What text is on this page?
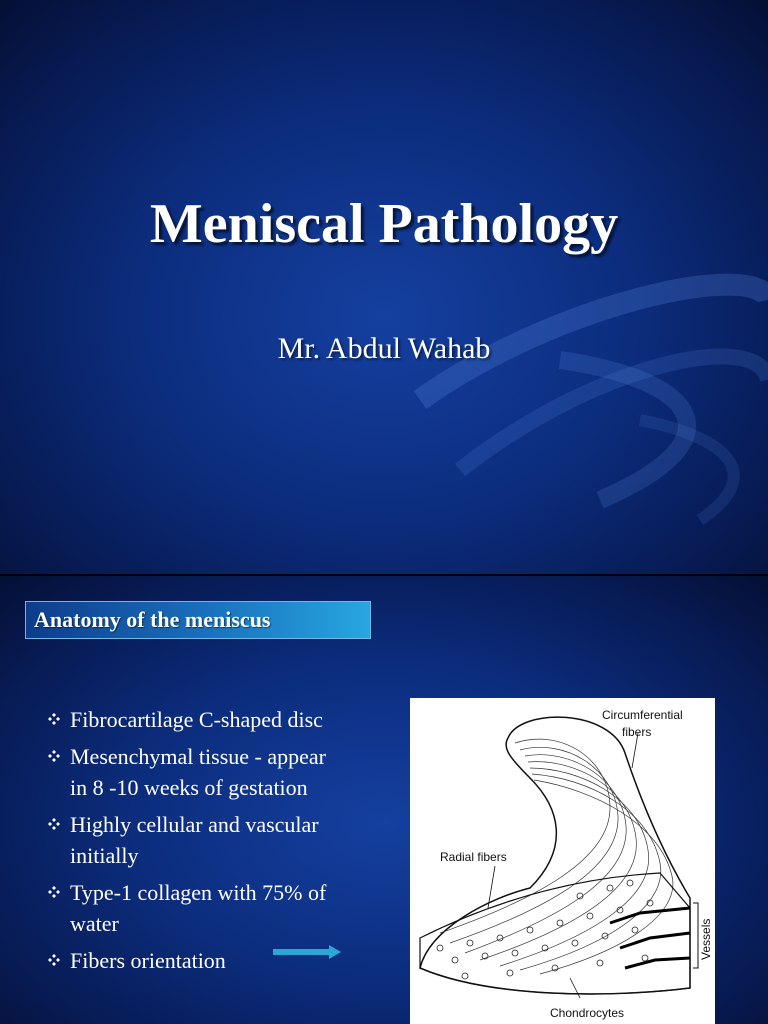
Meniscal Pathology

Mr. Abdul Wahab

Anatomy of the meniscus
Fibrocartilage C-shaped disc
Mesenchymal tissue - appear
in 8 -10 weeks of gestation
Highly cellular and vascular
initially
Type-1 collagen with 75% of
water
Fibers orientation
Circumferential
fibers
Radial fibers
Vessels
Chondrocytes
